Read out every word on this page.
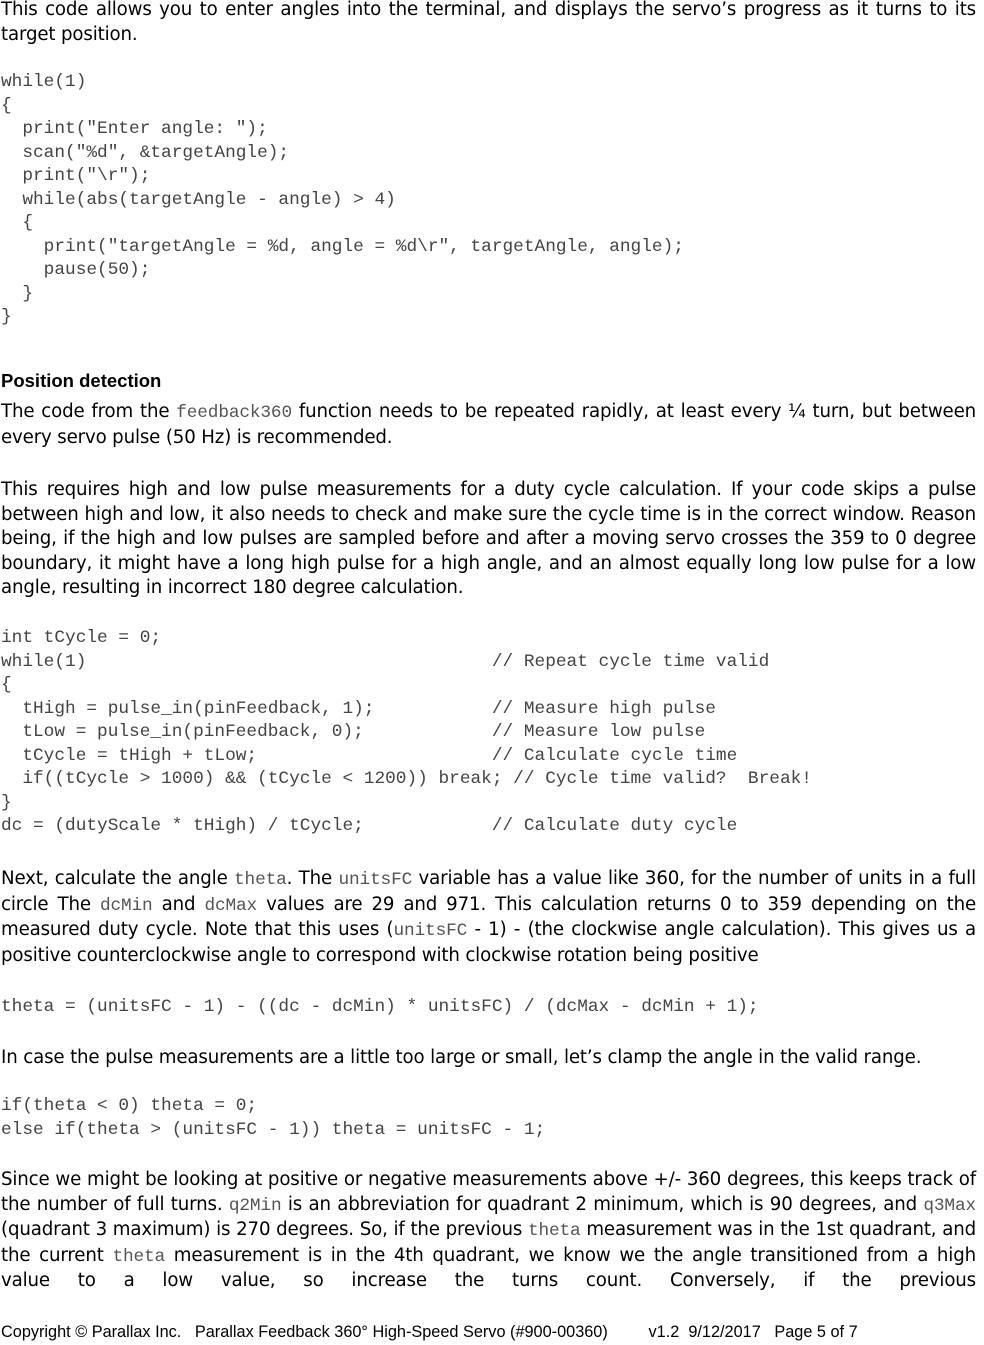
This code allows you to enter angles into the terminal, and displays the servo’s progress as it turns to its target position.

while(1)
{
print("Enter angle: ");
scan("%d", &targetAngle);
print("\r");
while(abs(targetAngle - angle) > 4)
{
print("targetAngle = %d, angle = %d\r", targetAngle, angle);
pause(50);
}
}
Position detection

The code from the feedback360 function needs to be repeated rapidly, at least every ¼ turn, but between every servo pulse (50 Hz) is recommended.

This requires high and low pulse measurements for a duty cycle calculation. If your code skips a pulse between high and low, it also needs to check and make sure the cycle time is in the correct window. Reason being, if the high and low pulses are sampled before and after a moving servo crosses the 359 to 0 degree boundary, it might have a long high pulse for a high angle, and an almost equally long low pulse for a low angle, resulting in incorrect 180 degree calculation.

int tCycle = 0;
while(1)                                      // Repeat cycle time valid
{
tHigh = pulse_in(pinFeedback, 1);           // Measure high pulse
tLow = pulse_in(pinFeedback, 0);            // Measure low pulse
tCycle = tHigh + tLow;                      // Calculate cycle time
if((tCycle > 1000) && (tCycle < 1200)) break; // Cycle time valid?  Break!
}
dc = (dutyScale * tHigh) / tCycle;            // Calculate duty cycle

Next, calculate the angle theta. The unitsFC variable has a value like 360, for the number of units in a full circle The dcMin and dcMax values are 29 and 971. This calculation returns 0 to 359 depending on the measured duty cycle. Note that this uses (unitsFC - 1) - (the clockwise angle calculation). This gives us a positive counterclockwise angle to correspond with clockwise rotation being positive

theta = (unitsFC - 1) - ((dc - dcMin) * unitsFC) / (dcMax - dcMin + 1);

In case the pulse measurements are a little too large or small, let’s clamp the angle in the valid range.

if(theta < 0) theta = 0;
else if(theta > (unitsFC - 1)) theta = unitsFC - 1;

Since we might be looking at positive or negative measurements above +/- 360 degrees, this keeps track of the number of full turns. q2Min is an abbreviation for quadrant 2 minimum, which is 90 degrees, and q3Max (quadrant 3 maximum) is 270 degrees. So, if the previous theta measurement was in the 1st quadrant, and the current theta measurement is in the 4th quadrant, we know we the angle transitioned from a high value to a low value, so increase the turns count. Conversely, if the previous

Copyright © Parallax Inc. Parallax Feedback 360° High-Speed Servo (#900-00360) v1.2  9/12/2017 Page 5 of 7
